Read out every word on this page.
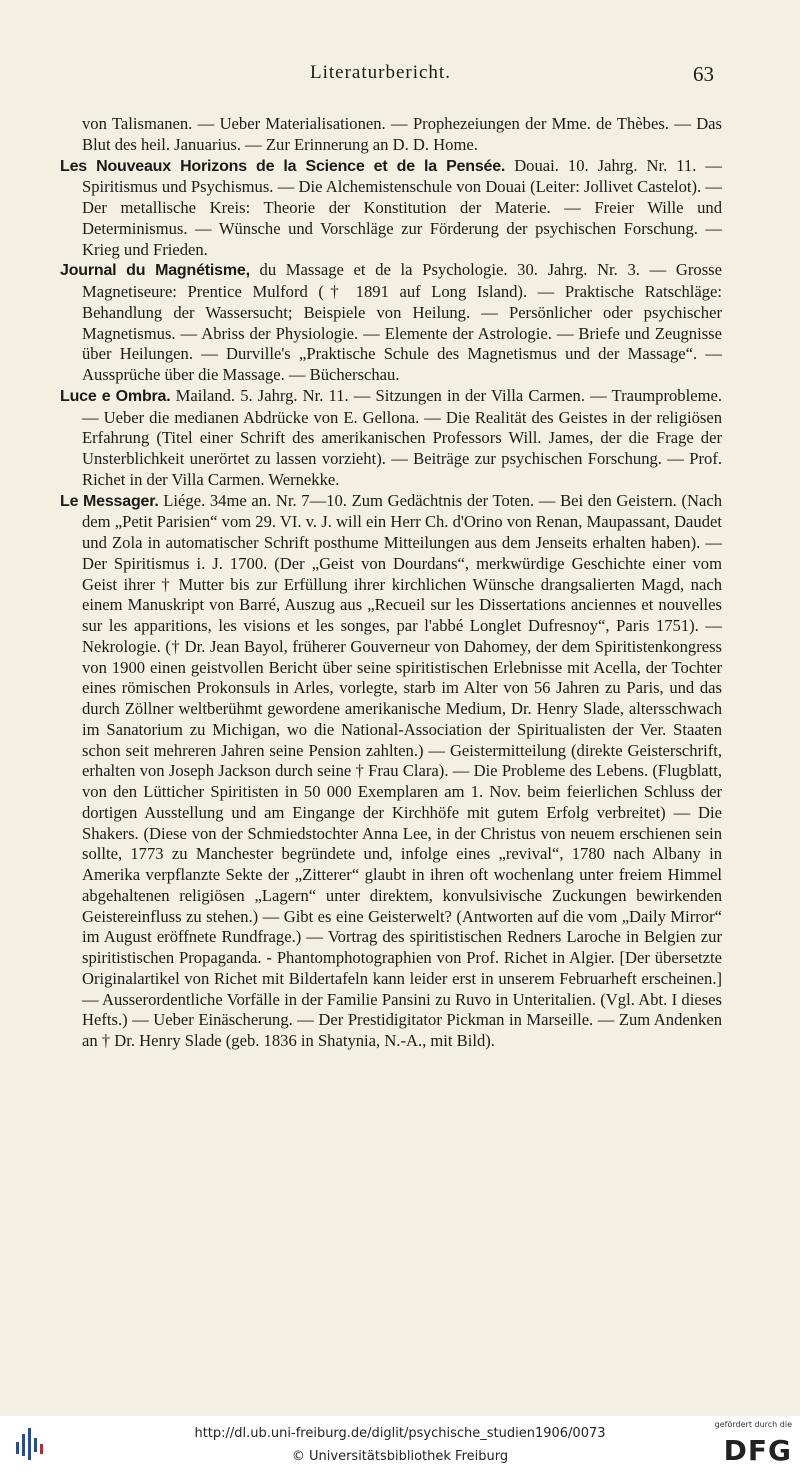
Literaturbericht.	63

von Talismanen. — Ueber Materialisationen. — Prophezeiungen der Mme. de Thèbes. — Das Blut des heil. Januarius. — Zur Erinnerung an D. D. Home.

Les Nouveaux Horizons de la Science et de la Pensée. Douai. 10. Jahrg. Nr. 11. — Spiritismus und Psychismus. — Die Alchemistenschule von Douai (Leiter: Jollivet Castelot). — Der metallische Kreis: Theorie der Konstitution der Materie. — Freier Wille und Determinismus. — Wünsche und Vorschläge zur Förderung der psychischen Forschung. — Krieg und Frieden.

Journal du Magnétisme, du Massage et de la Psychologie. 30. Jahrg. Nr. 3. — Grosse Magnetiseure: Prentice Mulford († 1891 auf Long Island). — Praktische Ratschläge: Behandlung der Wassersucht; Beispiele von Heilung. — Persönlicher oder psychischer Magnetismus. — Abriss der Physiologie. — Elemente der Astrologie. — Briefe und Zeugnisse über Heilungen. — Durville's „Praktische Schule des Magnetismus und der Massage“. — Aussprüche über die Massage. — Bücherschau.

Luce e Ombra. Mailand. 5. Jahrg. Nr. 11. — Sitzungen in der Villa Carmen. — Traumprobleme. — Ueber die medianen Abdrücke von E. Gellona. — Die Realität des Geistes in der religiösen Erfahrung (Titel einer Schrift des amerikanischen Professors Will. James, der die Frage der Unsterblichkeit unerörtet zu lassen vorzieht). — Beiträge zur psychischen Forschung. — Prof. Richet in der Villa Carmen. Wernekke.

Le Messager. Liége. 34me an. Nr. 7—10. Zum Gedächtnis der Toten. — Bei den Geistern. (Nach dem „Petit Parisien“ vom 29. VI. v. J. will ein Herr Ch. d'Orino von Renan, Maupassant, Daudet und Zola in automatischer Schrift posthume Mitteilungen aus dem Jenseits erhalten haben). — Der Spiritismus i. J. 1700. (Der „Geist von Dourdans“, merkwürdige Geschichte einer vom Geist ihrer † Mutter bis zur Erfüllung ihrer kirchlichen Wünsche drangsalierten Magd, nach einem Manuskript von Barré, Auszug aus „Recueil sur les Dissertations anciennes et nouvelles sur les apparitions, les visions et les songes, par l'abbé Longlet Dufresnoy“, Paris 1751). — Nekrologie. († Dr. Jean Bayol, früherer Gouverneur von Dahomey, der dem Spiritistenkongress von 1900 einen geistvollen Bericht über seine spiritistischen Erlebnisse mit Acella, der Tochter eines römischen Prokonsuls in Arles, vorlegte, starb im Alter von 56 Jahren zu Paris, und das durch Zöllner weltberühmt gewordene amerikanische Medium, Dr. Henry Slade, altersschwach im Sanatorium zu Michigan, wo die National-Association der Spiritualisten der Ver. Staaten schon seit mehreren Jahren seine Pension zahlten.) — Geistermitteilung (direkte Geisterschrift, erhalten von Joseph Jackson durch seine † Frau Clara). — Die Probleme des Lebens. (Flugblatt, von den Lütticher Spiritisten in 50 000 Exemplaren am 1. Nov. beim feierlichen Schluss der dortigen Ausstellung und am Eingange der Kirchhöfe mit gutem Erfolg verbreitet) — Die Shakers. (Diese von der Schmiedstochter Anna Lee, in der Christus von neuem erschienen sein sollte, 1773 zu Manchester begründete und, infolge eines „revival“, 1780 nach Albany in Amerika verpflanzte Sekte der „Zitterer“ glaubt in ihren oft wochenlang unter freiem Himmel abgehaltenen religiösen „Lagern“ unter direktem, konvulsivische Zuckungen bewirkenden Geistereinfluss zu stehen.) — Gibt es eine Geisterwelt? (Antworten auf die vom „Daily Mirror“ im August eröffnete Rundfrage.) — Vortrag des spiritistischen Redners Laroche in Belgien zur spiritistischen Propaganda. - Phantomphotographien von Prof. Richet in Algier. [Der übersetzte Originalartikel von Richet mit Bildertafeln kann leider erst in unserem Februarheft erscheinen.] — Ausserordentliche Vorfälle in der Familie Pansini zu Ruvo in Unteritalien. (Vgl. Abt. I dieses Hefts.) — Ueber Einäscherung. — Der Prestidigitator Pickman in Marseille. — Zum Andenken an † Dr. Henry Slade (geb. 1836 in Shatynia, N.-A., mit Bild).

http://dl.ub.uni-freiburg.de/diglit/psychische_studien1906/0073
© Universitätsbibliothek Freiburg
gefördert durch die
DFG
